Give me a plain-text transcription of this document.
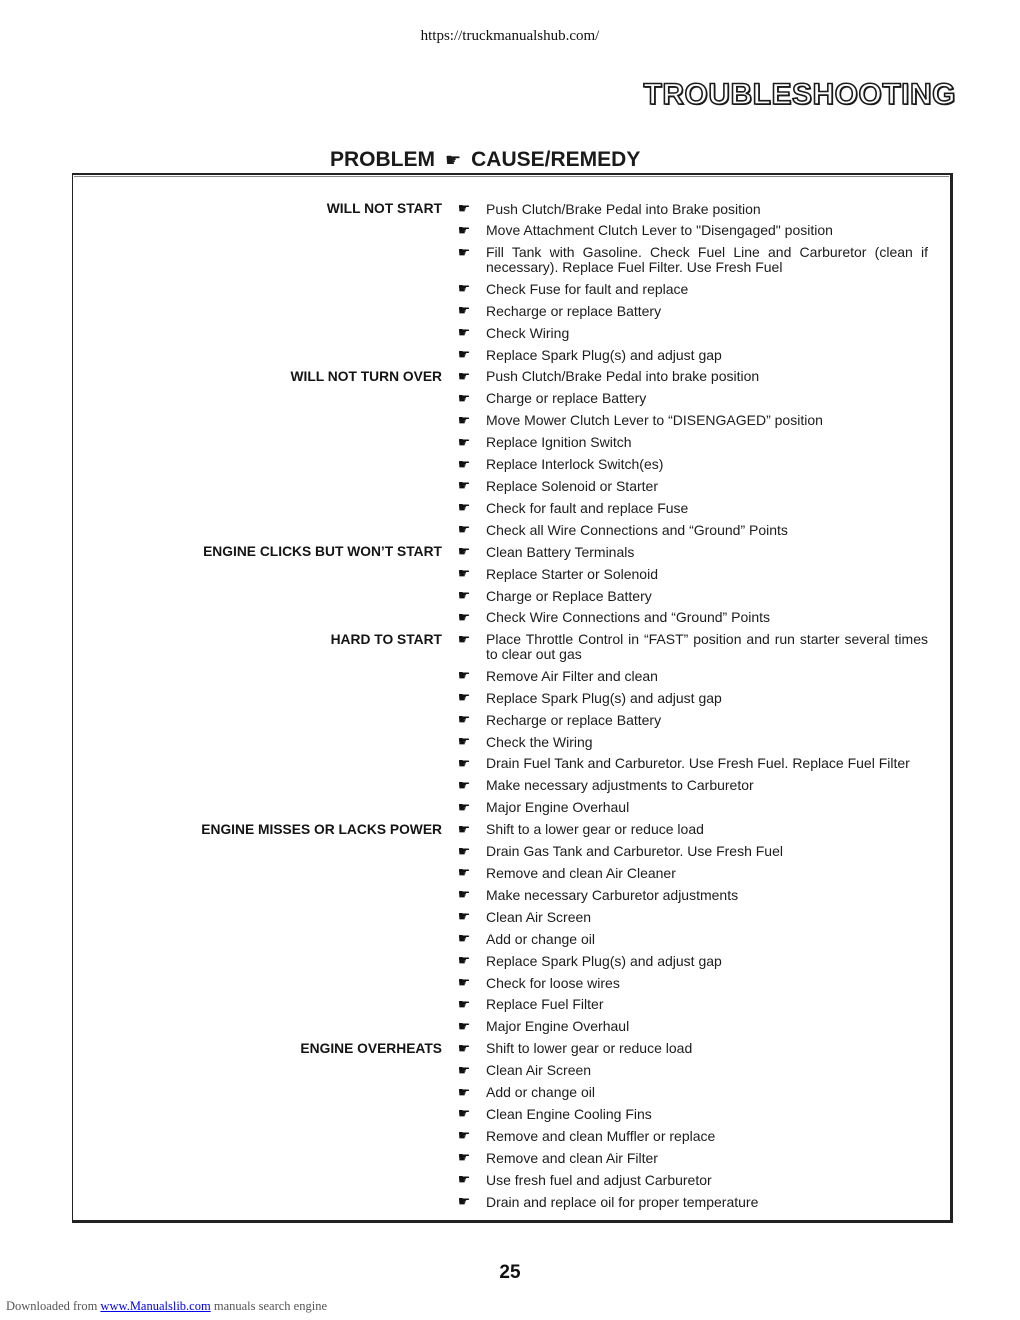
https://truckmanualshub.com/
TROUBLESHOOTING
PROBLEM ☛ CAUSE/REMEDY
WILL NOT START	☛	Push Clutch/Brake Pedal into Brake position
☛	Move Attachment Clutch Lever to "Disengaged" position
☛	Fill Tank with Gasoline. Check Fuel Line and Carburetor (clean if necessary). Replace Fuel Filter. Use Fresh Fuel
☛	Check Fuse for fault and replace
☛	Recharge or replace Battery
☛	Check Wiring
☛	Replace Spark Plug(s) and adjust gap
WILL NOT TURN OVER	☛	Push Clutch/Brake Pedal into brake position
☛	Charge or replace Battery
☛	Move Mower Clutch Lever to “DISENGAGED” position
☛	Replace Ignition Switch
☛	Replace Interlock Switch(es)
☛	Replace Solenoid or Starter
☛	Check for fault and replace Fuse
☛	Check all Wire Connections and “Ground” Points
ENGINE CLICKS BUT WON’T START	☛	Clean Battery Terminals
☛	Replace Starter or Solenoid
☛	Charge or Replace Battery
☛	Check Wire Connections and “Ground” Points
HARD TO START	☛	Place Throttle Control in “FAST” position and run starter several times to clear out gas
☛	Remove Air Filter and clean
☛	Replace Spark Plug(s) and adjust gap
☛	Recharge or replace Battery
☛	Check the Wiring
☛	Drain Fuel Tank and Carburetor. Use Fresh Fuel. Replace Fuel Filter
☛	Make necessary adjustments to Carburetor
☛	Major Engine Overhaul
ENGINE MISSES OR LACKS POWER	☛	Shift to a lower gear or reduce load
☛	Drain Gas Tank and Carburetor. Use Fresh Fuel
☛	Remove and clean Air Cleaner
☛	Make necessary Carburetor adjustments
☛	Clean Air Screen
☛	Add or change oil
☛	Replace Spark Plug(s) and adjust gap
☛	Check for loose wires
☛	Replace Fuel Filter
☛	Major Engine Overhaul
ENGINE OVERHEATS	☛	Shift to lower gear or reduce load
☛	Clean Air Screen
☛	Add or change oil
☛	Clean Engine Cooling Fins
☛	Remove and clean Muffler or replace
☛	Remove and clean Air Filter
☛	Use fresh fuel and adjust Carburetor
☛	Drain and replace oil for proper temperature
25
Downloaded from www.Manualslib.com manuals search engine
